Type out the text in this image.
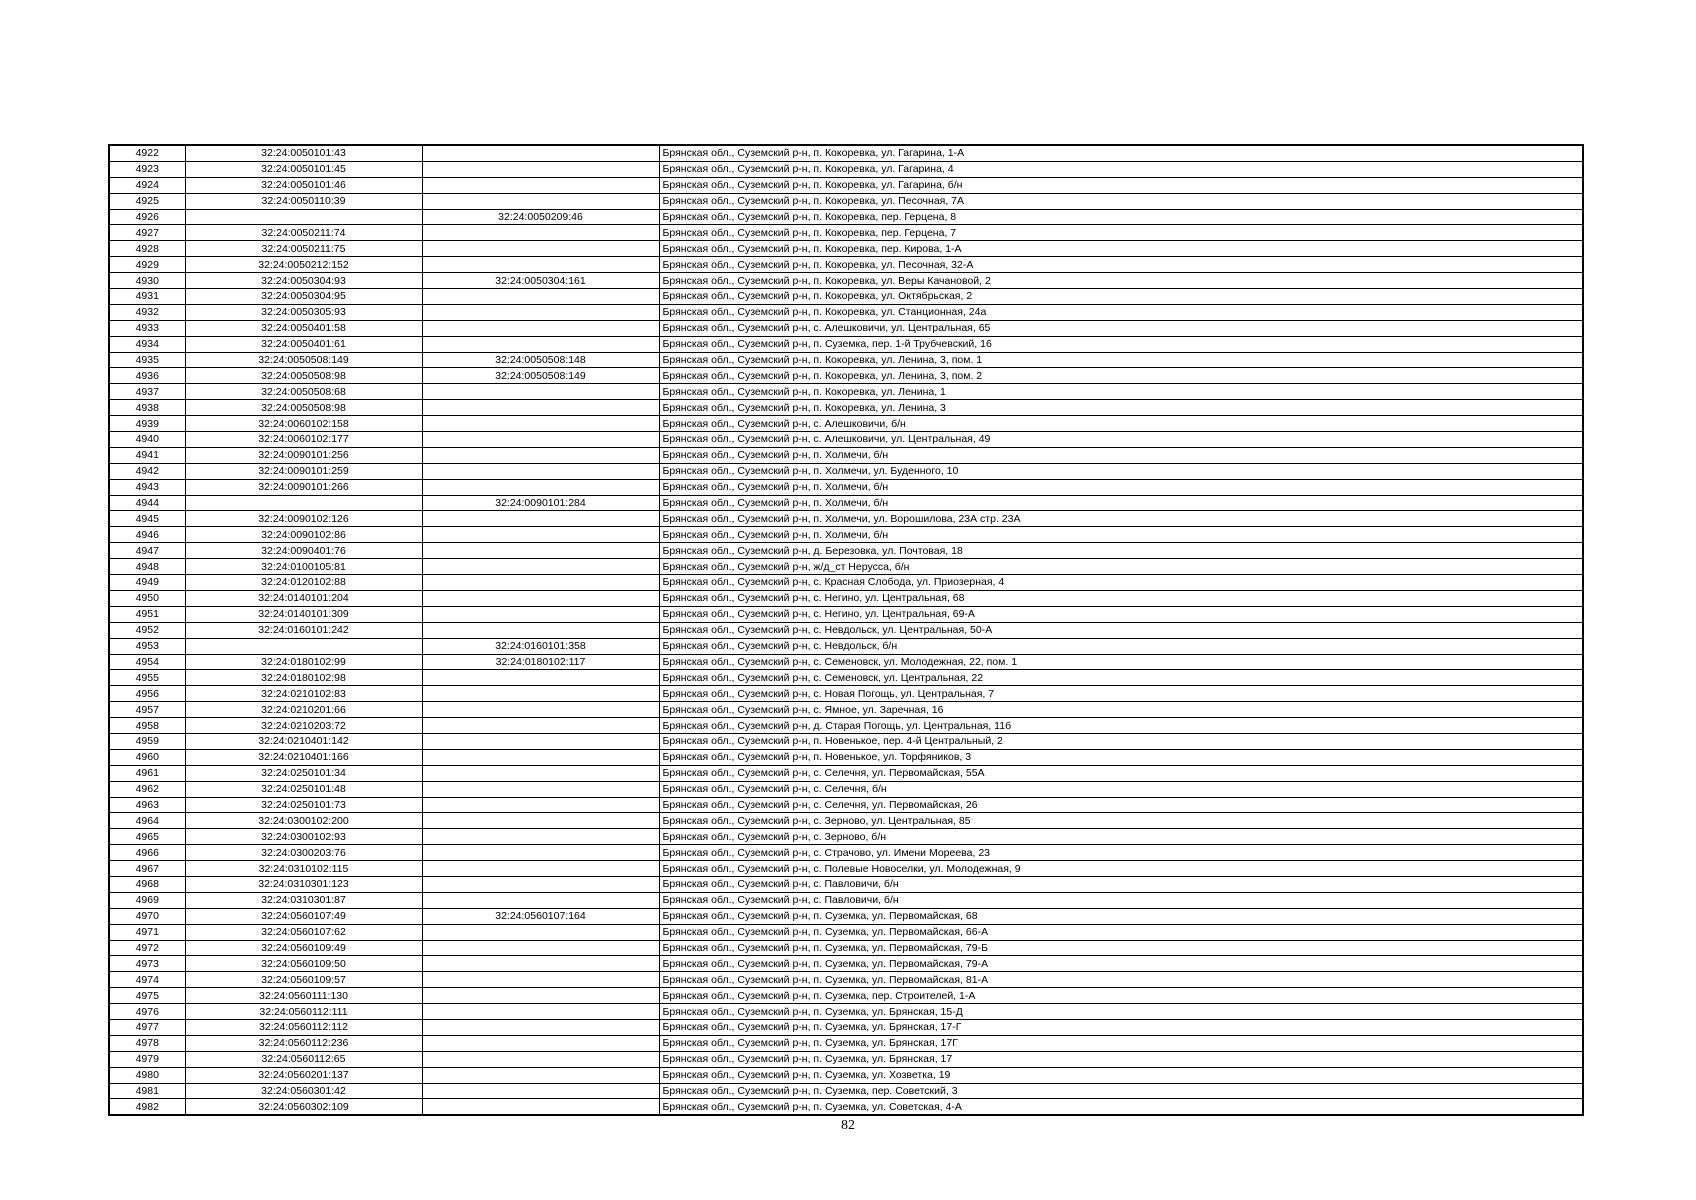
4922	32:24:0050101:43		Брянская обл., Суземский р-н, п. Кокоревка, ул. Гагарина, 1-А
4923	32:24:0050101:45		Брянская обл., Суземский р-н, п. Кокоревка, ул. Гагарина, 4
4924	32:24:0050101:46		Брянская обл., Суземский р-н, п. Кокоревка, ул. Гагарина, б/н
4925	32:24:0050110:39		Брянская обл., Суземский р-н, п. Кокоревка, ул. Песочная, 7А
4926		32:24:0050209:46	Брянская обл., Суземский р-н, п. Кокоревка, пер. Герцена, 8
4927	32:24:0050211:74		Брянская обл., Суземский р-н, п. Кокоревка, пер. Герцена, 7
4928	32:24:0050211:75		Брянская обл., Суземский р-н, п. Кокоревка, пер. Кирова, 1-А
4929	32:24:0050212:152		Брянская обл., Суземский р-н, п. Кокоревка, ул. Песочная, 32-А
4930	32:24:0050304:93	32:24:0050304:161	Брянская обл., Суземский р-н, п. Кокоревка, ул. Веры Качановой, 2
4931	32:24:0050304:95		Брянская обл., Суземский р-н, п. Кокоревка, ул. Октябрьская, 2
4932	32:24:0050305:93		Брянская обл., Суземский р-н, п. Кокоревка, ул. Станционная, 24а
4933	32:24:0050401:58		Брянская обл., Суземский р-н, с. Алешковичи, ул. Центральная, 65
4934	32:24:0050401:61		Брянская обл., Суземский р-н, п. Суземка, пер. 1-й Трубчевский, 16
4935	32:24:0050508:149	32:24:0050508:148	Брянская обл., Суземский р-н, п. Кокоревка, ул. Ленина, 3, пом. 1
4936	32:24:0050508:98	32:24:0050508:149	Брянская обл., Суземский р-н, п. Кокоревка, ул. Ленина, 3, пом. 2
4937	32:24:0050508:68		Брянская обл., Суземский р-н, п. Кокоревка, ул. Ленина, 1
4938	32:24:0050508:98		Брянская обл., Суземский р-н, п. Кокоревка, ул. Ленина, 3
4939	32:24:0060102:158		Брянская обл., Суземский р-н, с. Алешковичи, б/н
4940	32:24:0060102:177		Брянская обл., Суземский р-н, с. Алешковичи, ул. Центральная, 49
4941	32:24:0090101:256		Брянская обл., Суземский р-н, п. Холмечи, б/н
4942	32:24:0090101:259		Брянская обл., Суземский р-н, п. Холмечи, ул. Буденного, 10
4943	32:24:0090101:266		Брянская обл., Суземский р-н, п. Холмечи, б/н
4944		32:24:0090101:284	Брянская обл., Суземский р-н, п. Холмечи, б/н
4945	32:24:0090102:126		Брянская обл., Суземский р-н, п. Холмечи, ул. Ворошилова, 23А стр. 23А
4946	32:24:0090102:86		Брянская обл., Суземский р-н, п. Холмечи, б/н
4947	32:24:0090401:76		Брянская обл., Суземский р-н, д. Березовка, ул. Почтовая, 18
4948	32:24:0100105:81		Брянская обл., Суземский р-н, ж/д_ст Нерусса, б/н
4949	32:24:0120102:88		Брянская обл., Суземский р-н, с. Красная Слобода, ул. Приозерная, 4
4950	32:24:0140101:204		Брянская обл., Суземский р-н, с. Негино, ул. Центральная, 68
4951	32:24:0140101:309		Брянская обл., Суземский р-н, с. Негино, ул. Центральная, 69-А
4952	32:24:0160101:242		Брянская обл., Суземский р-н, с. Невдольск, ул. Центральная, 50-А
4953		32:24:0160101:358	Брянская обл., Суземский р-н, с. Невдольск, б/н
4954	32:24:0180102:99	32:24:0180102:117	Брянская обл., Суземский р-н, с. Семеновск, ул. Молодежная, 22, пом. 1
4955	32:24:0180102:98		Брянская обл., Суземский р-н, с. Семеновск, ул. Центральная, 22
4956	32:24:0210102:83		Брянская обл., Суземский р-н, с. Новая Погощь, ул. Центральная, 7
4957	32:24:0210201:66		Брянская обл., Суземский р-н, с. Ямное, ул. Заречная, 16
4958	32:24:0210203:72		Брянская обл., Суземский р-н, д. Старая Погощь, ул. Центральная, 11б
4959	32:24:0210401:142		Брянская обл., Суземский р-н, п. Новенькое, пер. 4-й Центральный, 2
4960	32:24:0210401:166		Брянская обл., Суземский р-н, п. Новенькое, ул. Торфяников, 3
4961	32:24:0250101:34		Брянская обл., Суземский р-н, с. Селечня, ул. Первомайская, 55А
4962	32:24:0250101:48		Брянская обл., Суземский р-н, с. Селечня, б/н
4963	32:24:0250101:73		Брянская обл., Суземский р-н, с. Селечня, ул. Первомайская, 26
4964	32:24:0300102:200		Брянская обл., Суземский р-н, с. Зерново, ул. Центральная, 85
4965	32:24:0300102:93		Брянская обл., Суземский р-н, с. Зерново, б/н
4966	32:24:0300203:76		Брянская обл., Суземский р-н, с. Страчово, ул. Имени Мореева, 23
4967	32:24:0310102:115		Брянская обл., Суземский р-н, с. Полевые Новоселки, ул. Молодежная, 9
4968	32:24:0310301:123		Брянская обл., Суземский р-н, с. Павловичи, б/н
4969	32:24:0310301:87		Брянская обл., Суземский р-н, с. Павловичи, б/н
4970	32:24:0560107:49	32:24:0560107:164	Брянская обл., Суземский р-н, п. Суземка, ул. Первомайская, 68
4971	32:24:0560107:62		Брянская обл., Суземский р-н, п. Суземка, ул. Первомайская, 66-А
4972	32:24:0560109:49		Брянская обл., Суземский р-н, п. Суземка, ул. Первомайская, 79-Б
4973	32:24:0560109:50		Брянская обл., Суземский р-н, п. Суземка, ул. Первомайская, 79-А
4974	32:24:0560109:57		Брянская обл., Суземский р-н, п. Суземка, ул. Первомайская, 81-А
4975	32:24:0560111:130		Брянская обл., Суземский р-н, п. Суземка, пер. Строителей, 1-А
4976	32:24:0560112:111		Брянская обл., Суземский р-н, п. Суземка, ул. Брянская, 15-Д
4977	32:24:0560112:112		Брянская обл., Суземский р-н, п. Суземка, ул. Брянская, 17-Г
4978	32:24:0560112:236		Брянская обл., Суземский р-н, п. Суземка, ул. Брянская, 17Г
4979	32:24:0560112:65		Брянская обл., Суземский р-н, п. Суземка, ул. Брянская, 17
4980	32:24:0560201:137		Брянская обл., Суземский р-н, п. Суземка, ул. Хозветка, 19
4981	32:24:0560301:42		Брянская обл., Суземский р-н, п. Суземка, пер. Советский, 3
4982	32:24:0560302:109		Брянская обл., Суземский р-н, п. Суземка, ул. Советская, 4-А
82
